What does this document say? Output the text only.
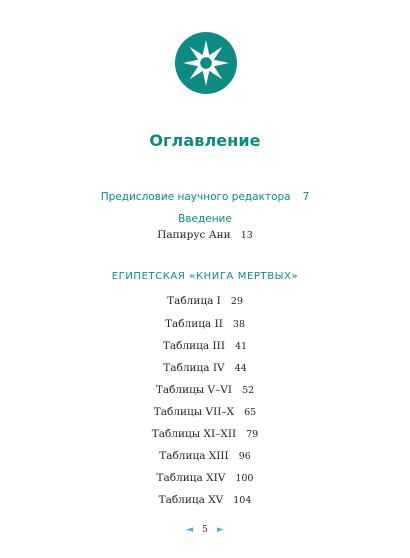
Оглавление
Предисловие научного редактора 7
Введение
Папирус Ани 13
ЕГИПЕТСКАЯ «КНИГА МЕРТВЫХ»
Таблица I 29
Таблица II 38
Таблица III 41
Таблица IV 44
Таблицы V–VI 52
Таблицы VII–X 65
Таблицы XI–XII 79
Таблица XIII 96
Таблица XIV 100
Таблица XV 104
◄ 5 ►
